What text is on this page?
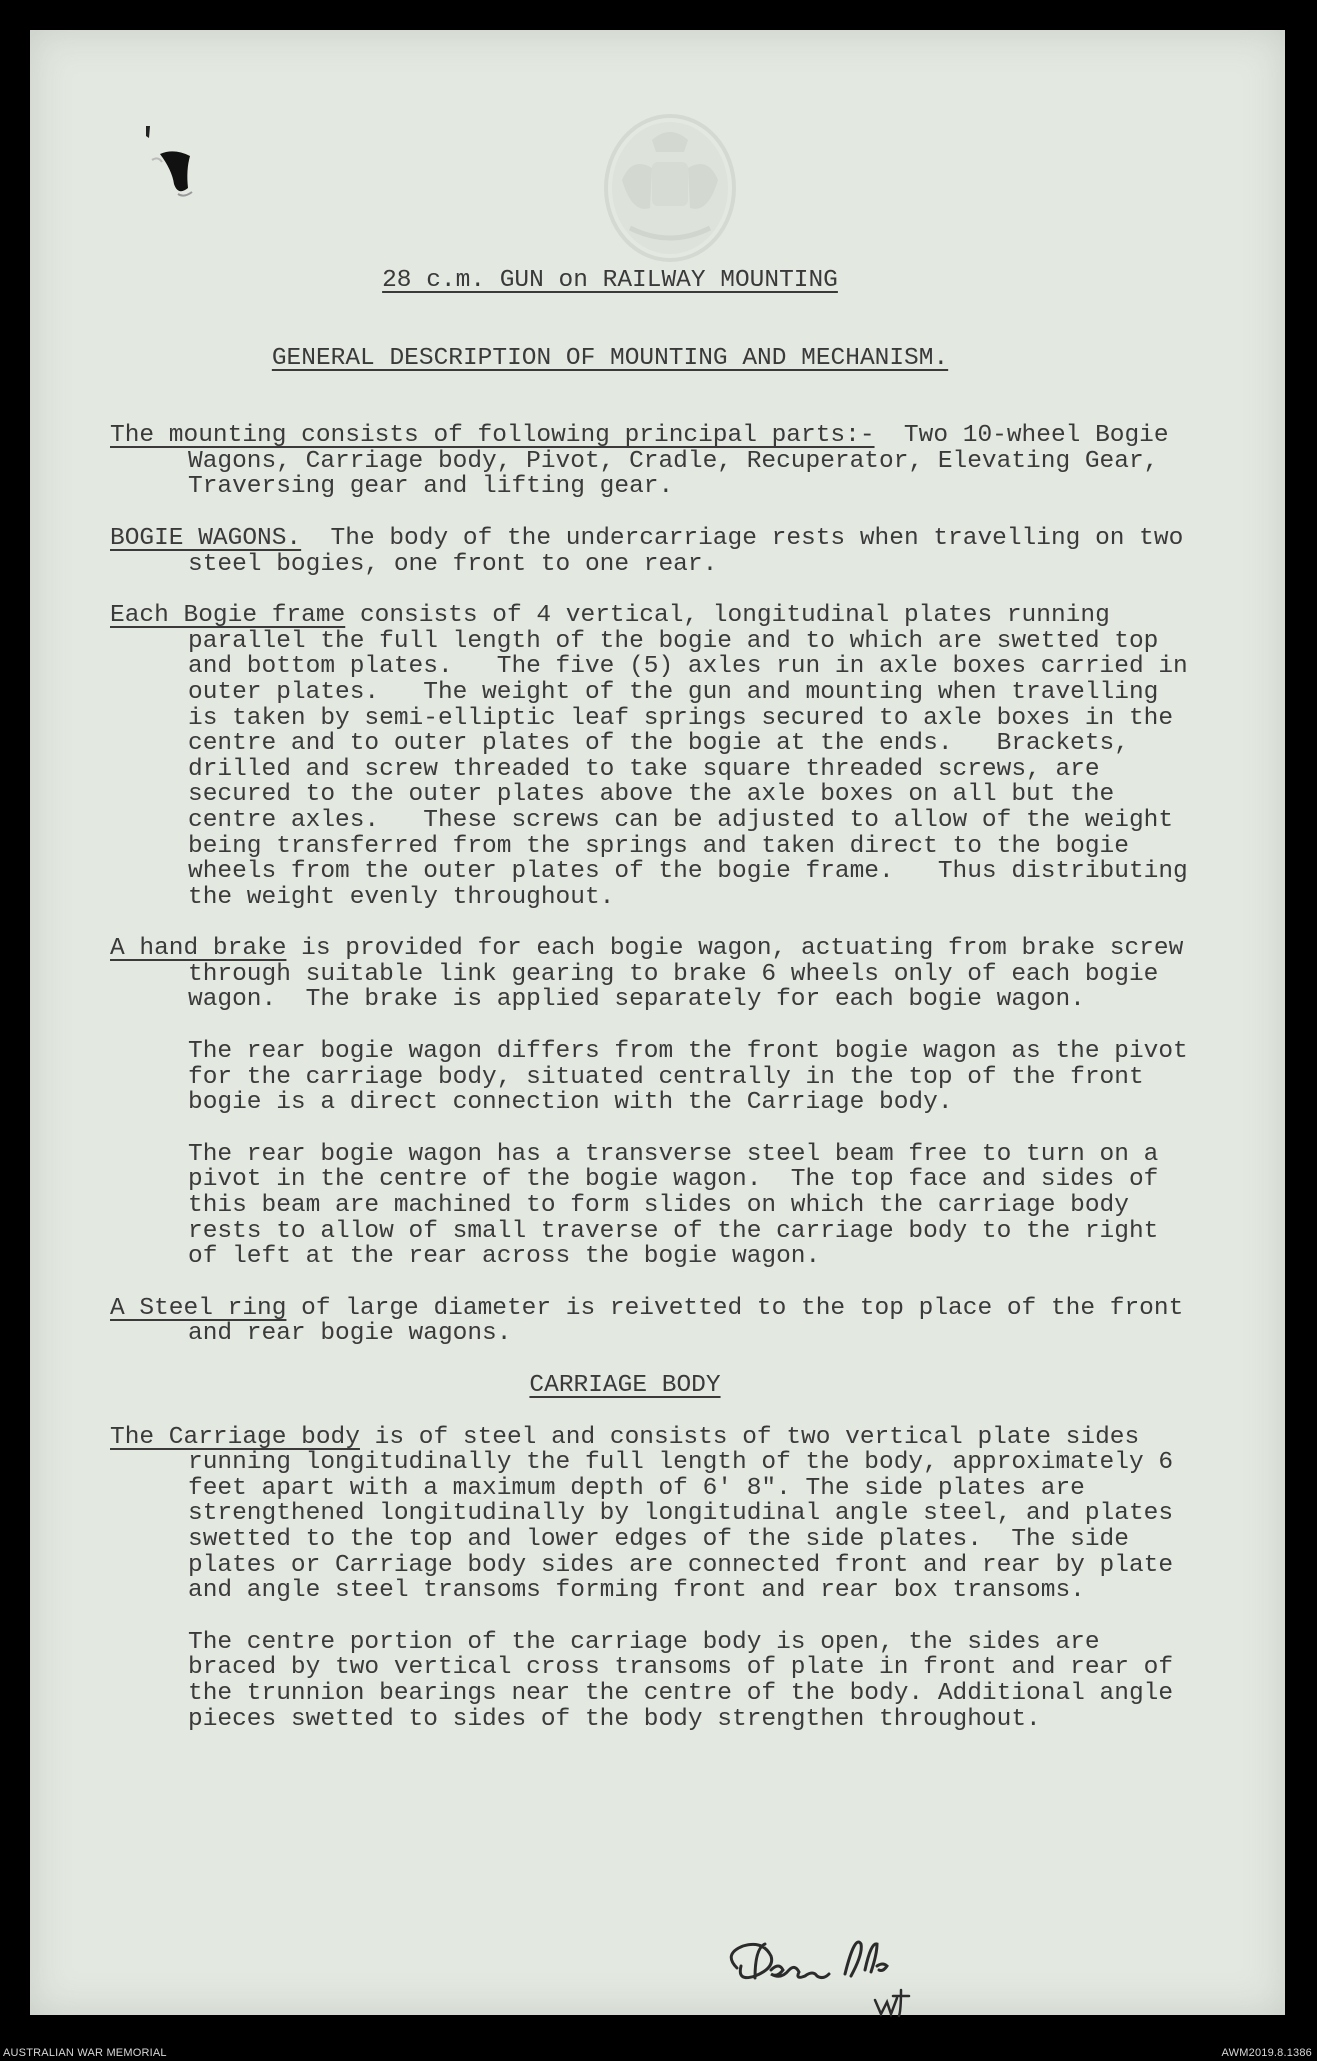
28 c.m. GUN on RAILWAY MOUNTING
GENERAL DESCRIPTION OF MOUNTING AND MECHANISM.

The mounting consists of following principal parts:-  Two 10-wheel Bogie Wagons, Carriage body, Pivot, Cradle, Recuperator, Elevating Gear, Traversing gear and lifting gear.

BOGIE WAGONS.  The body of the undercarriage rests when travelling on two steel bogies, one front to one rear.

Each Bogie frame consists of 4 vertical, longitudinal plates running parallel the full length of the bogie and to which are swetted top and bottom plates.   The five (5) axles run in axle boxes carried in outer plates.   The weight of the gun and mounting when travelling is taken by semi-elliptic leaf springs secured to axle boxes in the centre and to outer plates of the bogie at the ends.   Brackets, drilled and screw threaded to take square threaded screws, are secured to the outer plates above the axle boxes on all but the centre axles.   These screws can be adjusted to allow of the weight being transferred from the springs and taken direct to the bogie wheels from the outer plates of the bogie frame.   Thus distributing the weight evenly throughout.

A hand brake is provided for each bogie wagon, actuating from brake screw through suitable link gearing to brake 6 wheels only of each bogie wagon.  The brake is applied separately for each bogie wagon.

The rear bogie wagon differs from the front bogie wagon as the pivot for the carriage body, situated centrally in the top of the front bogie is a direct connection with the Carriage body.

The rear bogie wagon has a transverse steel beam free to turn on a pivot in the centre of the bogie wagon.  The top face and sides of this beam are machined to form slides on which the carriage body rests to allow of small traverse of the carriage body to the right of left at the rear across the bogie wagon.

A Steel ring of large diameter is reivetted to the top place of the front and rear bogie wagons.

CARRIAGE BODY

The Carriage body is of steel and consists of two vertical plate sides running longitudinally the full length of the body, approximately 6 feet apart with a maximum depth of 6' 8". The side plates are strengthened longitudinally by longitudinal angle steel, and plates swetted to the top and lower edges of the side plates.  The side plates or Carriage body sides are connected front and rear by plate and angle steel transoms forming front and rear box transoms.

The centre portion of the carriage body is open, the sides are braced by two vertical cross transoms of plate in front and rear of the trunnion bearings near the centre of the body. Additional angle pieces swetted to sides of the body strengthen throughout.

AUSTRALIAN WAR MEMORIAL	AWM2019.8.1386
